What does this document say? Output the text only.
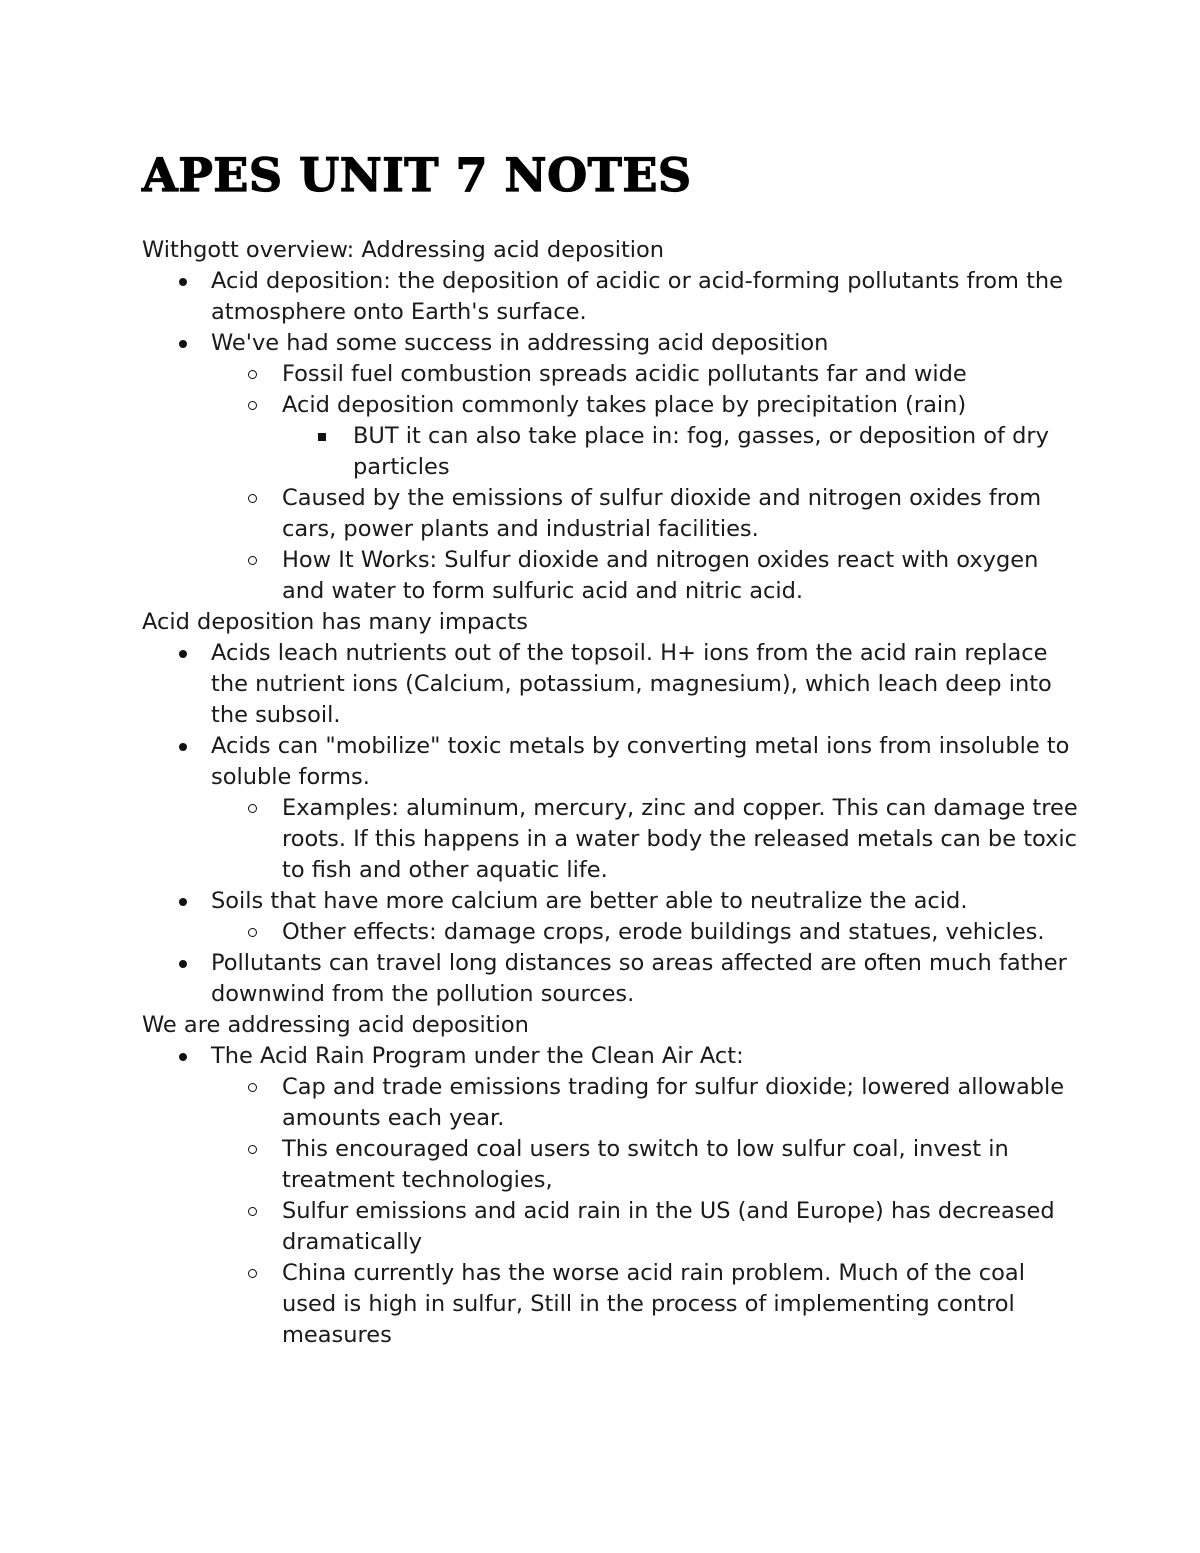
APES UNIT 7 NOTES

Withgott overview: Addressing acid deposition

Acid deposition: the deposition of acidic or acid-forming pollutants from the atmosphere onto Earth's surface.
We've had some success in addressing acid deposition
Fossil fuel combustion spreads acidic pollutants far and wide
Acid deposition commonly takes place by precipitation (rain)
BUT it can also take place in: fog, gasses, or deposition of dry particles
Caused by the emissions of sulfur dioxide and nitrogen oxides from cars, power plants and industrial facilities.
How It Works: Sulfur dioxide and nitrogen oxides react with oxygen and water to form sulfuric acid and nitric acid.

Acid deposition has many impacts

Acids leach nutrients out of the topsoil. H+ ions from the acid rain replace the nutrient ions (Calcium, potassium, magnesium), which leach deep into the subsoil.
Acids can "mobilize" toxic metals by converting metal ions from insoluble to soluble forms.
Examples: aluminum, mercury, zinc and copper. This can damage tree roots. If this happens in a water body the released metals can be toxic to fish and other aquatic life.
Soils that have more calcium are better able to neutralize the acid.
Other effects: damage crops, erode buildings and statues, vehicles.
Pollutants can travel long distances so areas affected are often much father downwind from the pollution sources.

We are addressing acid deposition

The Acid Rain Program under the Clean Air Act:
Cap and trade emissions trading for sulfur dioxide; lowered allowable amounts each year.
This encouraged coal users to switch to low sulfur coal, invest in treatment technologies,
Sulfur emissions and acid rain in the US (and Europe) has decreased dramatically
China currently has the worse acid rain problem. Much of the coal used is high in sulfur, Still in the process of implementing control measures
